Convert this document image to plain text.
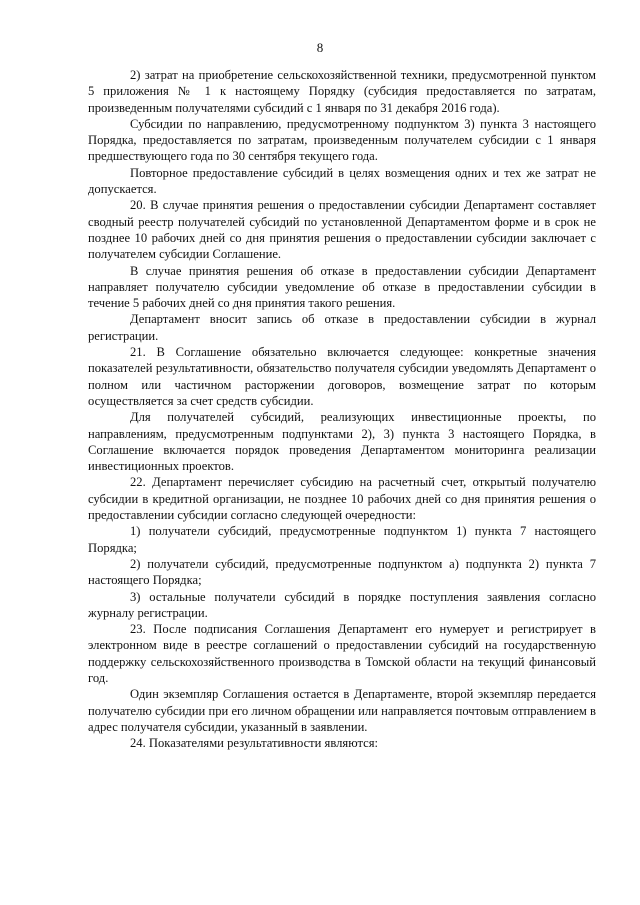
8

2) затрат на приобретение сельскохозяйственной техники, предусмотренной пунктом 5 приложения № 1 к настоящему Порядку (субсидия предоставляется по затратам, произведенным получателями субсидий с 1 января по 31 декабря 2016 года).

Субсидии по направлению, предусмотренному подпунктом 3) пункта 3 настоящего Порядка, предоставляется по затратам, произведенным получателем субсидии с 1 января предшествующего года по 30 сентября текущего года.

Повторное предоставление субсидий в целях возмещения одних и тех же затрат не допускается.

20. В случае принятия решения о предоставлении субсидии Департамент составляет сводный реестр получателей субсидий по установленной Департаментом форме и в срок не позднее 10 рабочих дней со дня принятия решения о предоставлении субсидии заключает с получателем субсидии Соглашение.

В случае принятия решения об отказе в предоставлении субсидии Департамент направляет получателю субсидии уведомление об отказе в предоставлении субсидии в течение 5 рабочих дней со дня принятия такого решения.

Департамент вносит запись об отказе в предоставлении субсидии в журнал регистрации.

21. В Соглашение обязательно включается следующее: конкретные значения показателей результативности, обязательство получателя субсидии уведомлять Департамент о полном или частичном расторжении договоров, возмещение затрат по которым осуществляется за счет средств субсидии.

Для получателей субсидий, реализующих инвестиционные проекты, по направлениям, предусмотренным подпунктами 2), 3) пункта 3 настоящего Порядка, в Соглашение включается порядок проведения Департаментом мониторинга реализации инвестиционных проектов.

22. Департамент перечисляет субсидию на расчетный счет, открытый получателю субсидии в кредитной организации, не позднее 10 рабочих дней со дня принятия решения о предоставлении субсидии согласно следующей очередности:

1) получатели субсидий, предусмотренные подпунктом 1) пункта 7 настоящего Порядка;

2) получатели субсидий, предусмотренные подпунктом а) подпункта 2) пункта 7 настоящего Порядка;

3) остальные получатели субсидий в порядке поступления заявления согласно журналу регистрации.

23. После подписания Соглашения Департамент его нумерует и регистрирует в электронном виде в реестре соглашений о предоставлении субсидий на государственную поддержку сельскохозяйственного производства в Томской области на текущий финансовый год.

Один экземпляр Соглашения остается в Департаменте, второй экземпляр передается получателю субсидии при его личном обращении или направляется почтовым отправлением в адрес получателя субсидии, указанный в заявлении.

24. Показателями результативности являются:
